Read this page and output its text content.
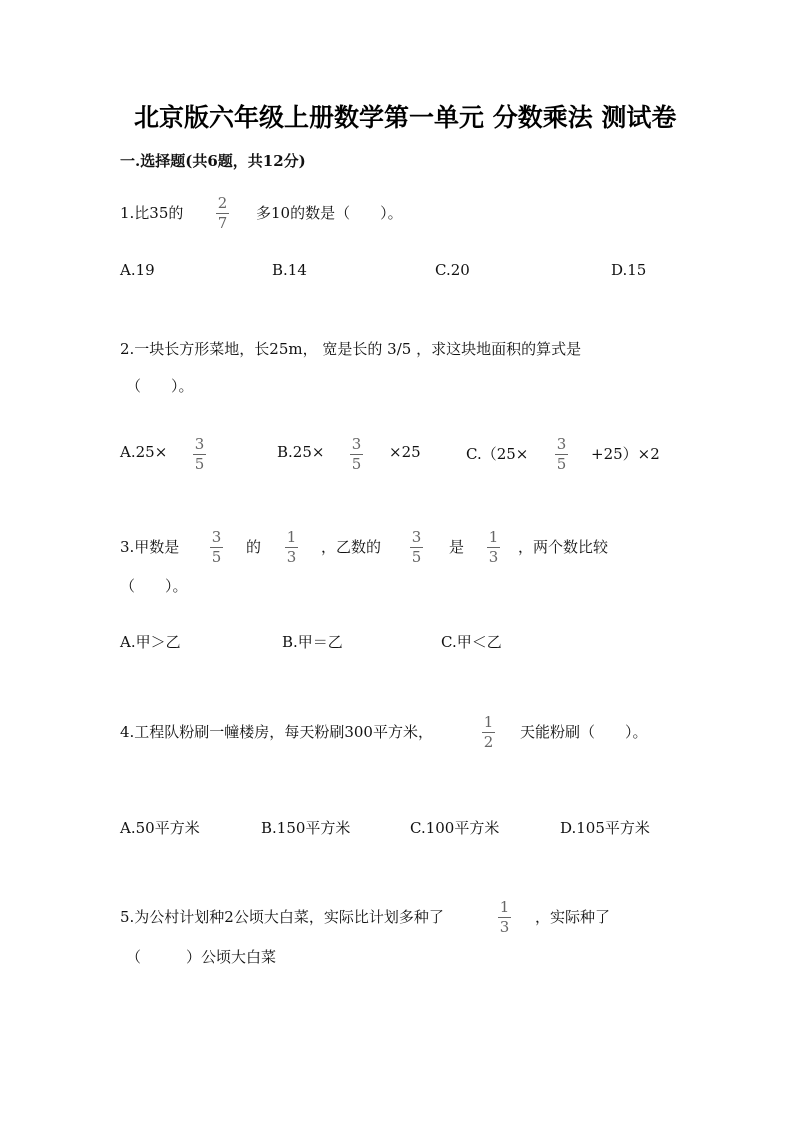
北京版六年级上册数学第一单元 分数乘法 测试卷
一.选择题(共6题，共12分)
1.比35的
2
7
多10的数是（　　）。
A.19	B.14	C.20	D.15
2.一块长方形菜地，长25m， 宽是长的 3/5 ，求这块地面积的算式是
（　　）。
A.25× 3
5
B.25× 3
5
×25	C.（25×
3
5
+25）×2
3.甲数是
3
5
的
1
3
，乙数的
3
5
是
1
3
，两个数比较
（　　）。
A.甲＞乙	B.甲＝乙	C.甲＜乙
4.工程队粉刷一幢楼房，每天粉刷300平方米，
1
2
天能粉刷（　　）。
A.50平方米	B.150平方米	C.100平方米	D.105平方米
5.为公村计划种2公顷大白菜，实际比计划多种了
1
3
，实际种了
（　　　）公顷大白菜
